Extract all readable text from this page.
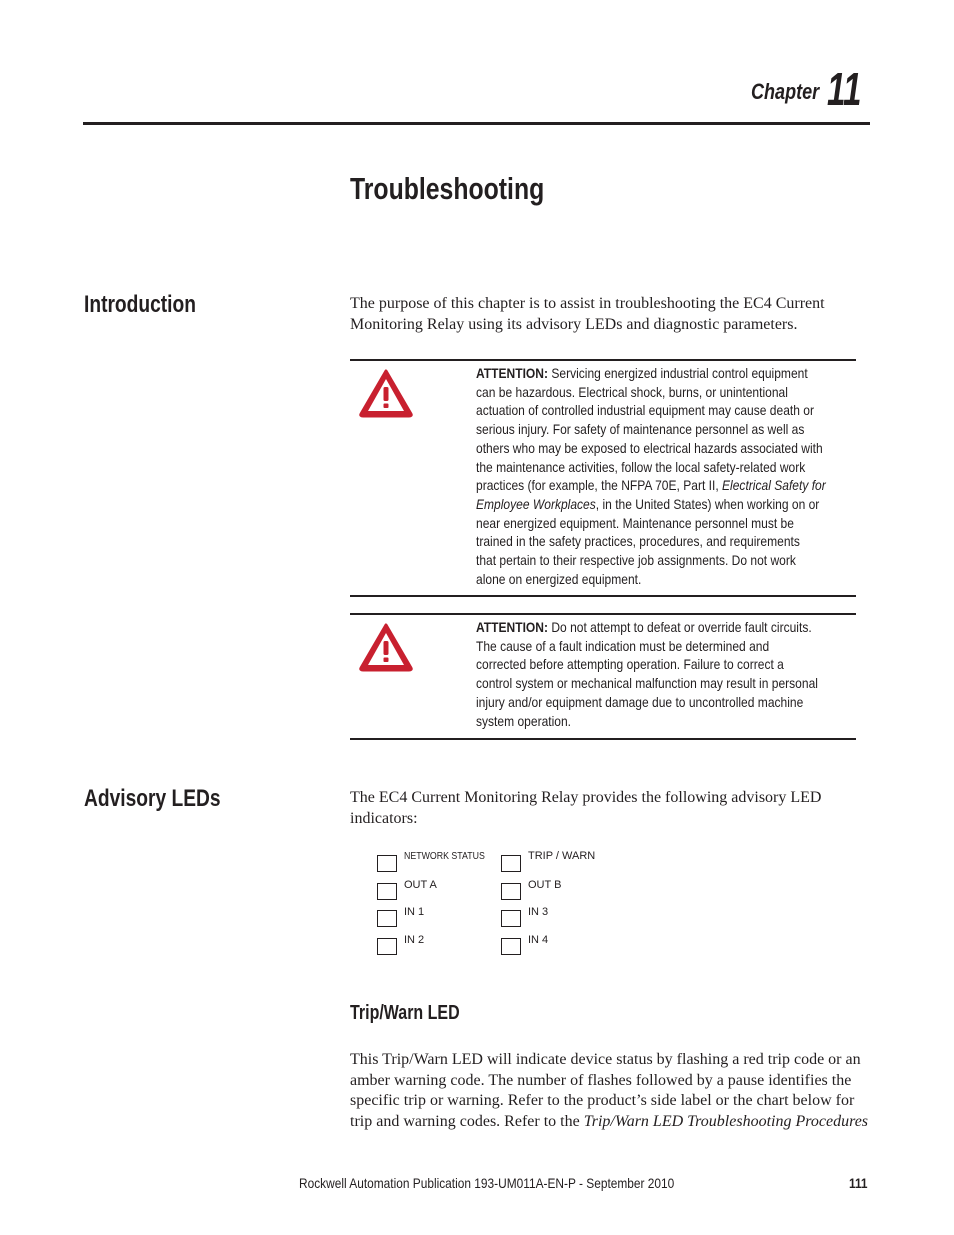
Chapter 11
Troubleshooting
Introduction	The purpose of this chapter is to assist in troubleshooting the EC4 Current
Monitoring Relay using its advisory LEDs and diagnostic parameters.

ATTENTION: Servicing energized industrial control equipment
can be hazardous. Electrical shock, burns, or unintentional
actuation of controlled industrial equipment may cause death or
serious injury. For safety of maintenance personnel as well as
others who may be exposed to electrical hazards associated with
the maintenance activities, follow the local safety-related work
practices (for example, the NFPA 70E, Part II, Electrical Safety for
Employee Workplaces, in the United States) when working on or
near energized equipment. Maintenance personnel must be
trained in the safety practices, procedures, and requirements
that pertain to their respective job assignments. Do not work
alone on energized equipment.
ATTENTION: Do not attempt to defeat or override fault circuits.
The cause of a fault indication must be determined and
corrected before attempting operation. Failure to correct a
control system or mechanical malfunction may result in personal
injury and/or equipment damage due to uncontrolled machine
system operation.
Advisory LEDs	The EC4 Current Monitoring Relay provides the following advisory LED
indicators:

NETWORK STATUS
OUT A
IN 1
IN 2
TRIP / WARN
OUT B
IN 3
IN 4
Trip/Warn LED

This Trip/Warn LED will indicate device status by flashing a red trip code or an
amber warning code. The number of flashes followed by a pause identifies the
specific trip or warning. Refer to the product’s side label or the chart below for
trip and warning codes. Refer to the Trip/Warn LED Troubleshooting Procedures

Rockwell Automation Publication 193-UM011A-EN-P - September 2010	111
